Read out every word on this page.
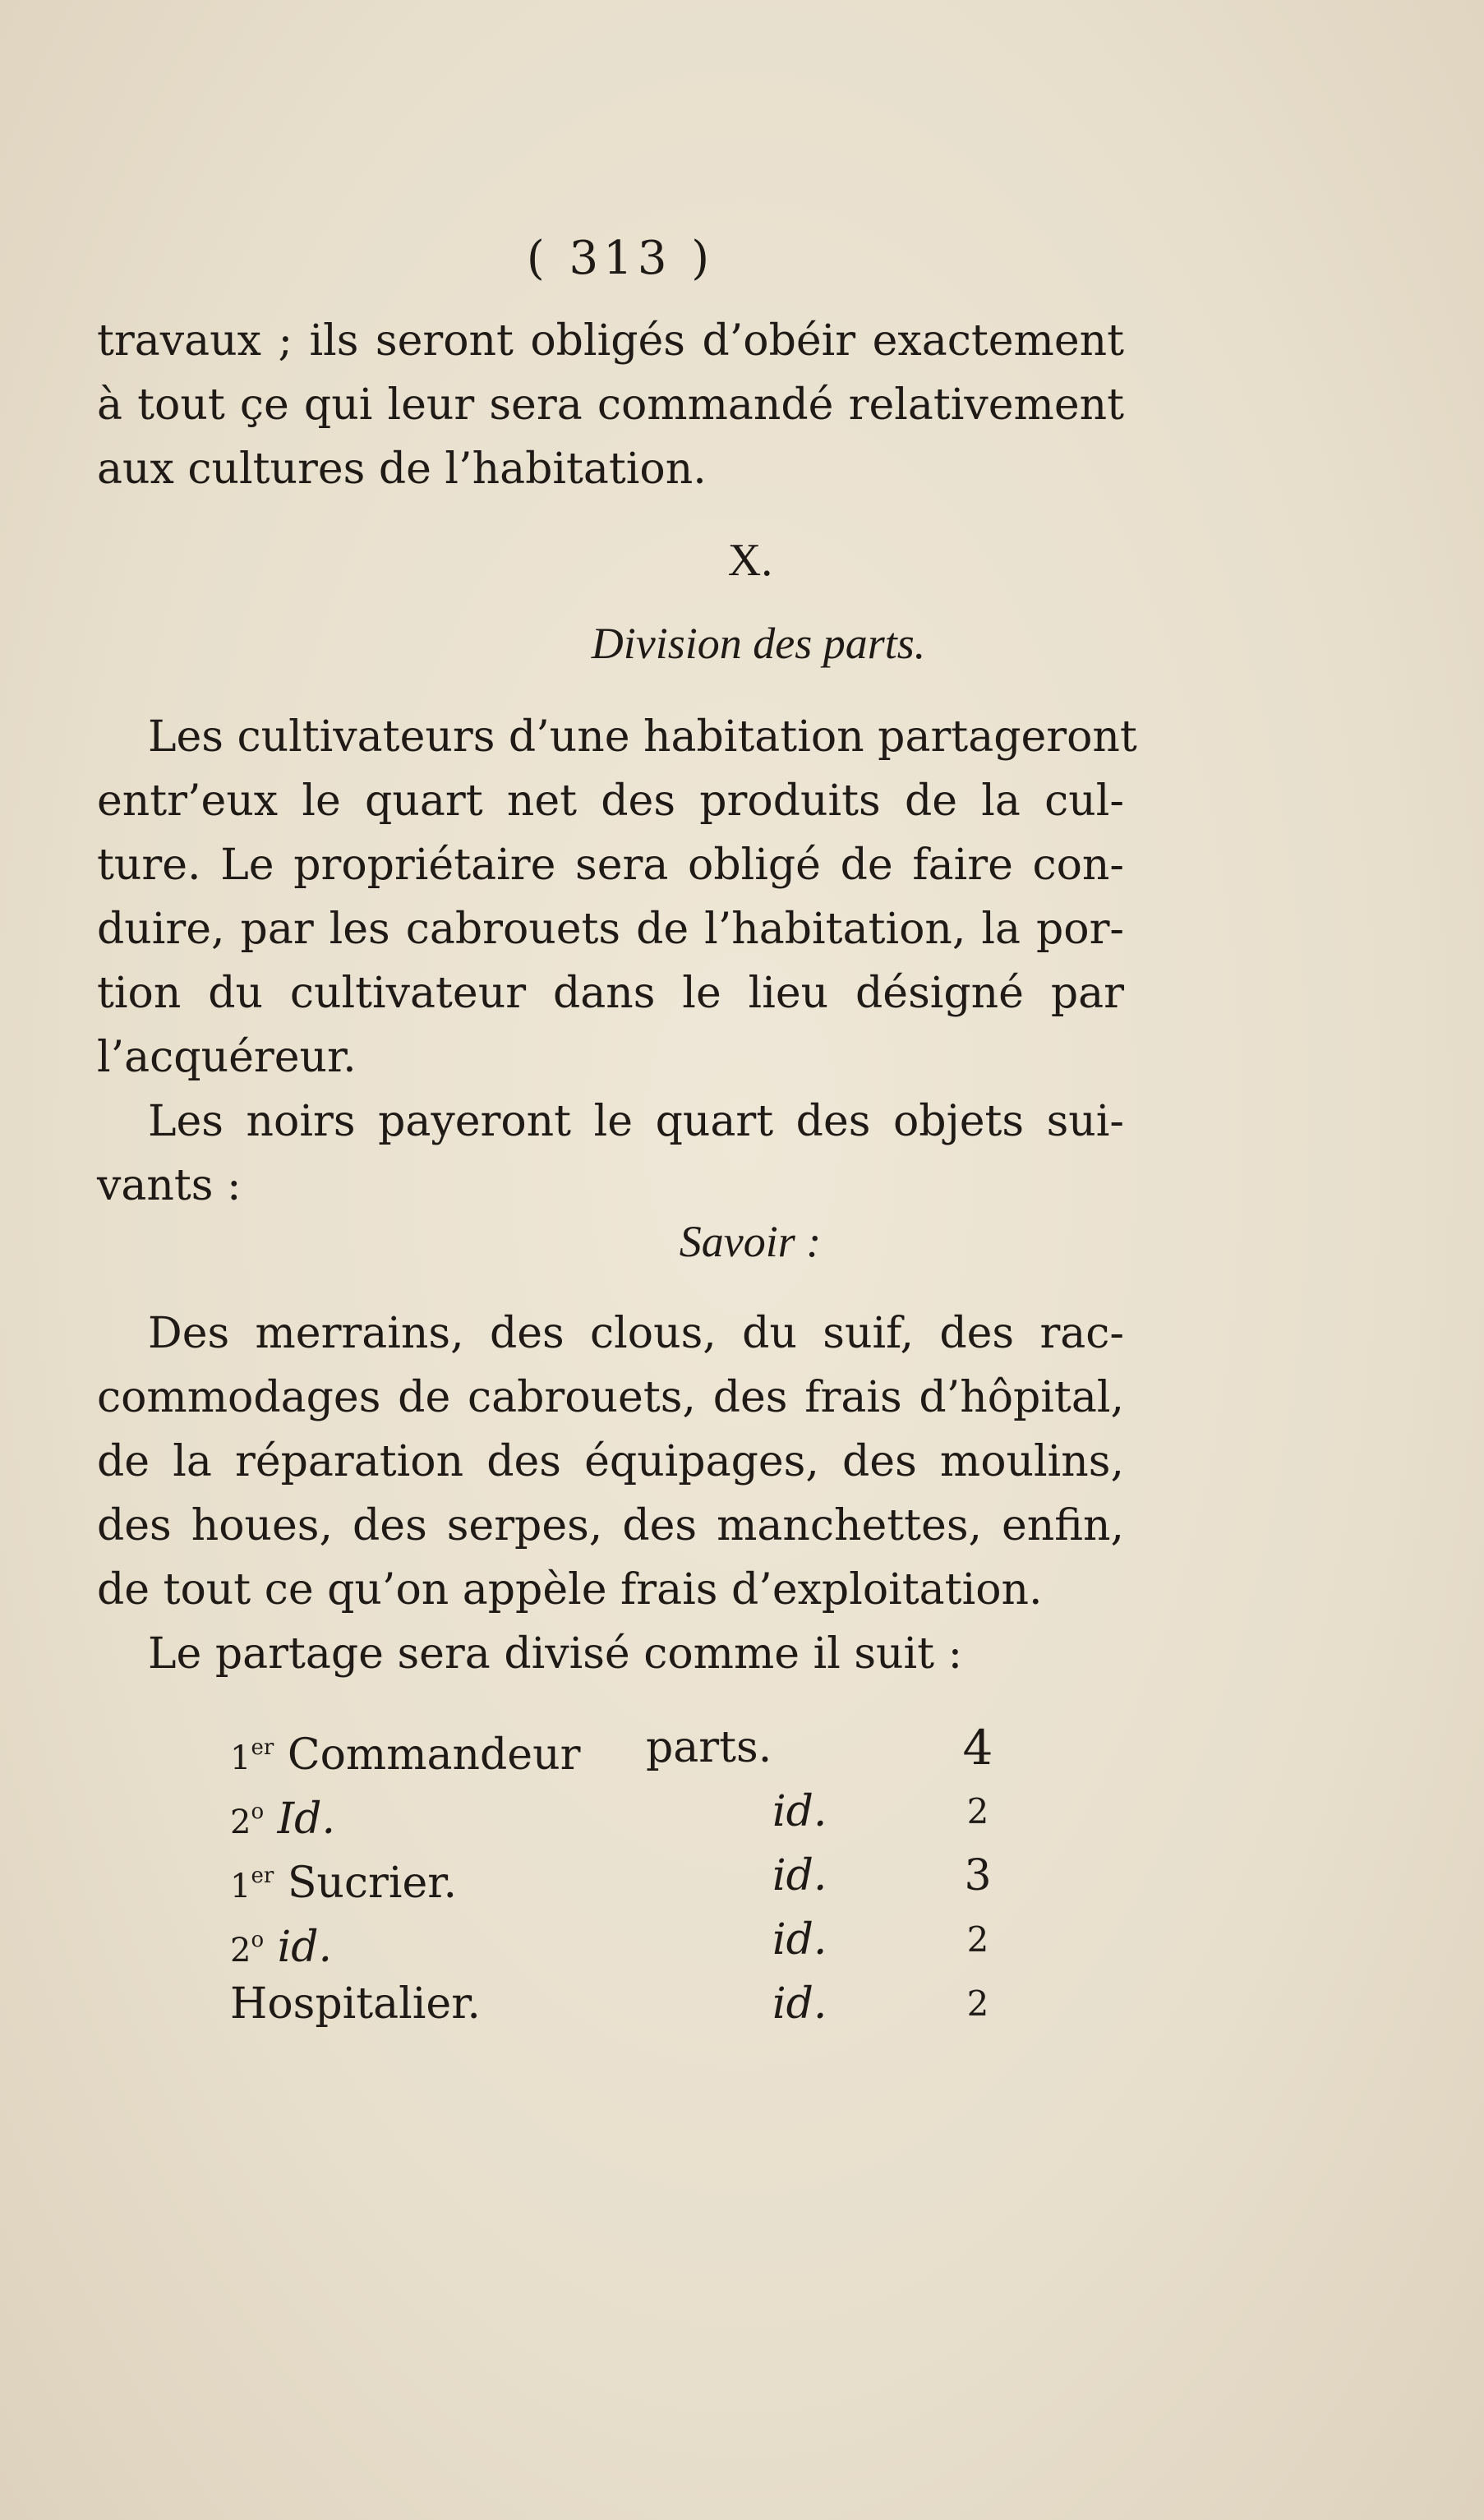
( 313 )
travaux ; ils seront obligés d’obéir exactement
à tout çe qui leur sera commandé relativement
aux cultures de l’habitation.
X.
Division des parts.
Les cultivateurs d’une habitation partageront
entr’eux le quart net des produits de la cul-
ture. Le propriétaire sera obligé de faire con-
duire, par les cabrouets de l’habitation, la por-
tion du cultivateur dans le lieu désigné par
l’acquéreur.
Les noirs payeront le quart des objets sui-
vants :
Savoir :
Des merrains, des clous, du suif, des rac-
commodages de cabrouets, des frais d’hôpital,
de la réparation des équipages, des moulins,
des houes, des serpes, des manchettes, enfin,
de tout ce qu’on appèle frais d’exploitation.
Le partage sera divisé comme il suit :
1er Commandeur parts.	4
2$^o$ Id.	id.	2
1er Sucrier.	id.	3
2$^o$ id.	id.	2
Hospitalier.	id.	2
